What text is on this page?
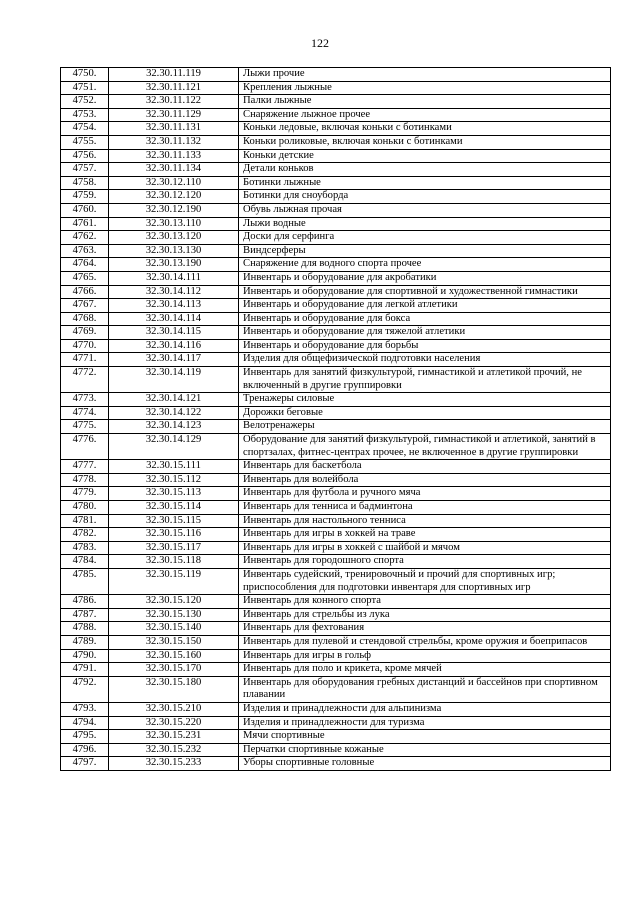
122
4750.	32.30.11.119	Лыжи прочие
4751.	32.30.11.121	Крепления лыжные
4752.	32.30.11.122	Палки лыжные
4753.	32.30.11.129	Снаряжение лыжное прочее
4754.	32.30.11.131	Коньки ледовые, включая коньки с ботинками
4755.	32.30.11.132	Коньки роликовые, включая коньки с ботинками
4756.	32.30.11.133	Коньки детские
4757.	32.30.11.134	Детали коньков
4758.	32.30.12.110	Ботинки лыжные
4759.	32.30.12.120	Ботинки для сноуборда
4760.	32.30.12.190	Обувь лыжная прочая
4761.	32.30.13.110	Лыжи водные
4762.	32.30.13.120	Доски для серфинга
4763.	32.30.13.130	Виндсерферы
4764.	32.30.13.190	Снаряжение для водного спорта прочее
4765.	32.30.14.111	Инвентарь и оборудование для акробатики
4766.	32.30.14.112	Инвентарь и оборудование для спортивной и художественной гимнастики
4767.	32.30.14.113	Инвентарь и оборудование для легкой атлетики
4768.	32.30.14.114	Инвентарь и оборудование для бокса
4769.	32.30.14.115	Инвентарь и оборудование для тяжелой атлетики
4770.	32.30.14.116	Инвентарь и оборудование для борьбы
4771.	32.30.14.117	Изделия для общефизической подготовки населения
4772.	32.30.14.119	Инвентарь для занятий физкультурой, гимнастикой и атлетикой прочий, не включенный в другие группировки
4773.	32.30.14.121	Тренажеры силовые
4774.	32.30.14.122	Дорожки беговые
4775.	32.30.14.123	Велотренажеры
4776.	32.30.14.129	Оборудование для занятий физкультурой, гимнастикой и атлетикой, занятий в спортзалах, фитнес-центрах прочее, не включенное в другие группировки
4777.	32.30.15.111	Инвентарь для баскетбола
4778.	32.30.15.112	Инвентарь для волейбола
4779.	32.30.15.113	Инвентарь для футбола и ручного мяча
4780.	32.30.15.114	Инвентарь для тенниса и бадминтона
4781.	32.30.15.115	Инвентарь для настольного тенниса
4782.	32.30.15.116	Инвентарь для игры в хоккей на траве
4783.	32.30.15.117	Инвентарь для игры в хоккей с шайбой и мячом
4784.	32.30.15.118	Инвентарь для городошного спорта
4785.	32.30.15.119	Инвентарь судейский, тренировочный и прочий для спортивных игр; приспособления для подготовки инвентаря для спортивных игр
4786.	32.30.15.120	Инвентарь для конного спорта
4787.	32.30.15.130	Инвентарь для стрельбы из лука
4788.	32.30.15.140	Инвентарь для фехтования
4789.	32.30.15.150	Инвентарь для пулевой и стендовой стрельбы, кроме оружия и боеприпасов
4790.	32.30.15.160	Инвентарь для игры в гольф
4791.	32.30.15.170	Инвентарь для поло и крикета, кроме мячей
4792.	32.30.15.180	Инвентарь для оборудования гребных дистанций и бассейнов при спортивном плавании
4793.	32.30.15.210	Изделия и принадлежности для альпинизма
4794.	32.30.15.220	Изделия и принадлежности для туризма
4795.	32.30.15.231	Мячи спортивные
4796.	32.30.15.232	Перчатки спортивные кожаные
4797.	32.30.15.233	Уборы спортивные головные
